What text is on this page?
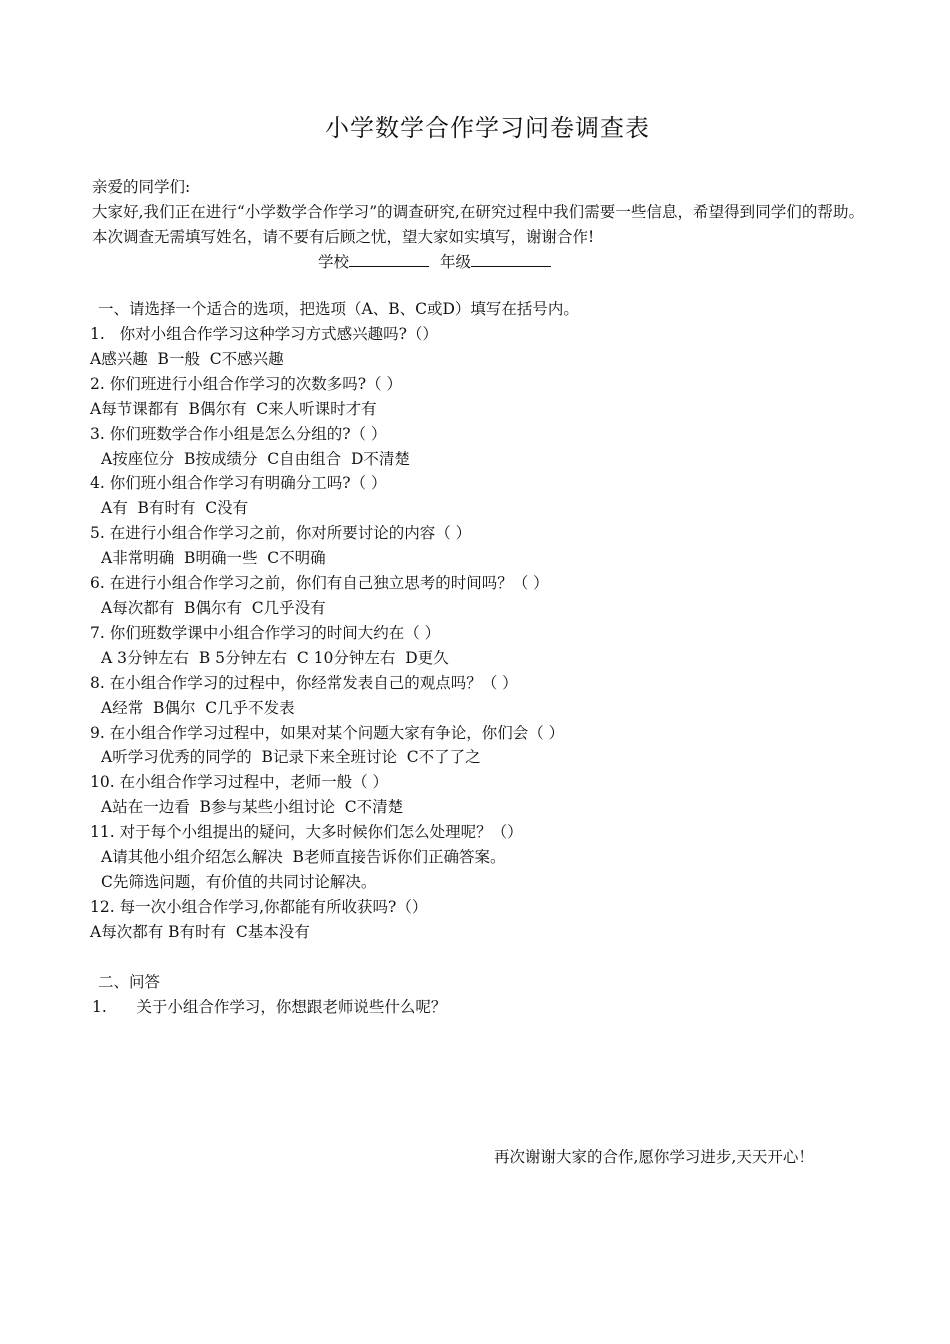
小学数学合作学习问卷调查表
亲爱的同学们:
大家好,我们正在进行“小学数学合作学习”的调查研究,在研究过程中我们需要一些信息，希望得到同学们的帮助。本次调查无需填写姓名，请不要有后顾之忧，望大家如实填写，谢谢合作!
学校	年级
一、请选择一个适合的选项，把选项（A、B、C或D）填写在括号内。
1.   你对小组合作学习这种学习方式感兴趣吗?（）
A感兴趣  B一般  C不感兴趣
2. 你们班进行小组合作学习的次数多吗?（ ）
A每节课都有  B偶尔有  C来人听课时才有
3. 你们班数学合作小组是怎么分组的?（ ）
A按座位分  B按成绩分  C自由组合  D不清楚
4. 你们班小组合作学习有明确分工吗?（ ）
A有  B有时有  C没有
5. 在进行小组合作学习之前，你对所要讨论的内容（ ）
A非常明确  B明确一些  C不明确
6. 在进行小组合作学习之前，你们有自己独立思考的时间吗？（ ）
A每次都有  B偶尔有  C几乎没有
7. 你们班数学课中小组合作学习的时间大约在（ ）
A 3分钟左右  B 5分钟左右  C 10分钟左右  D更久
8. 在小组合作学习的过程中，你经常发表自己的观点吗？（ ）
A经常  B偶尔  C几乎不发表
9. 在小组合作学习过程中，如果对某个问题大家有争论，你们会（ ）
A听学习优秀的同学的  B记录下来全班讨论  C不了了之
10. 在小组合作学习过程中，老师一般（ ）
A站在一边看  B参与某些小组讨论  C不清楚
11. 对于每个小组提出的疑问，大多时候你们怎么处理呢？（）
A请其他小组介绍怎么解决  B老师直接告诉你们正确答案。
C先筛选问题，有价值的共同讨论解决。
12. 每一次小组合作学习,你都能有所收获吗?（）
A每次都有 B有时有  C基本没有
二、问答
1.      关于小组合作学习，你想跟老师说些什么呢？
再次谢谢大家的合作,愿你学习进步,天天开心！
